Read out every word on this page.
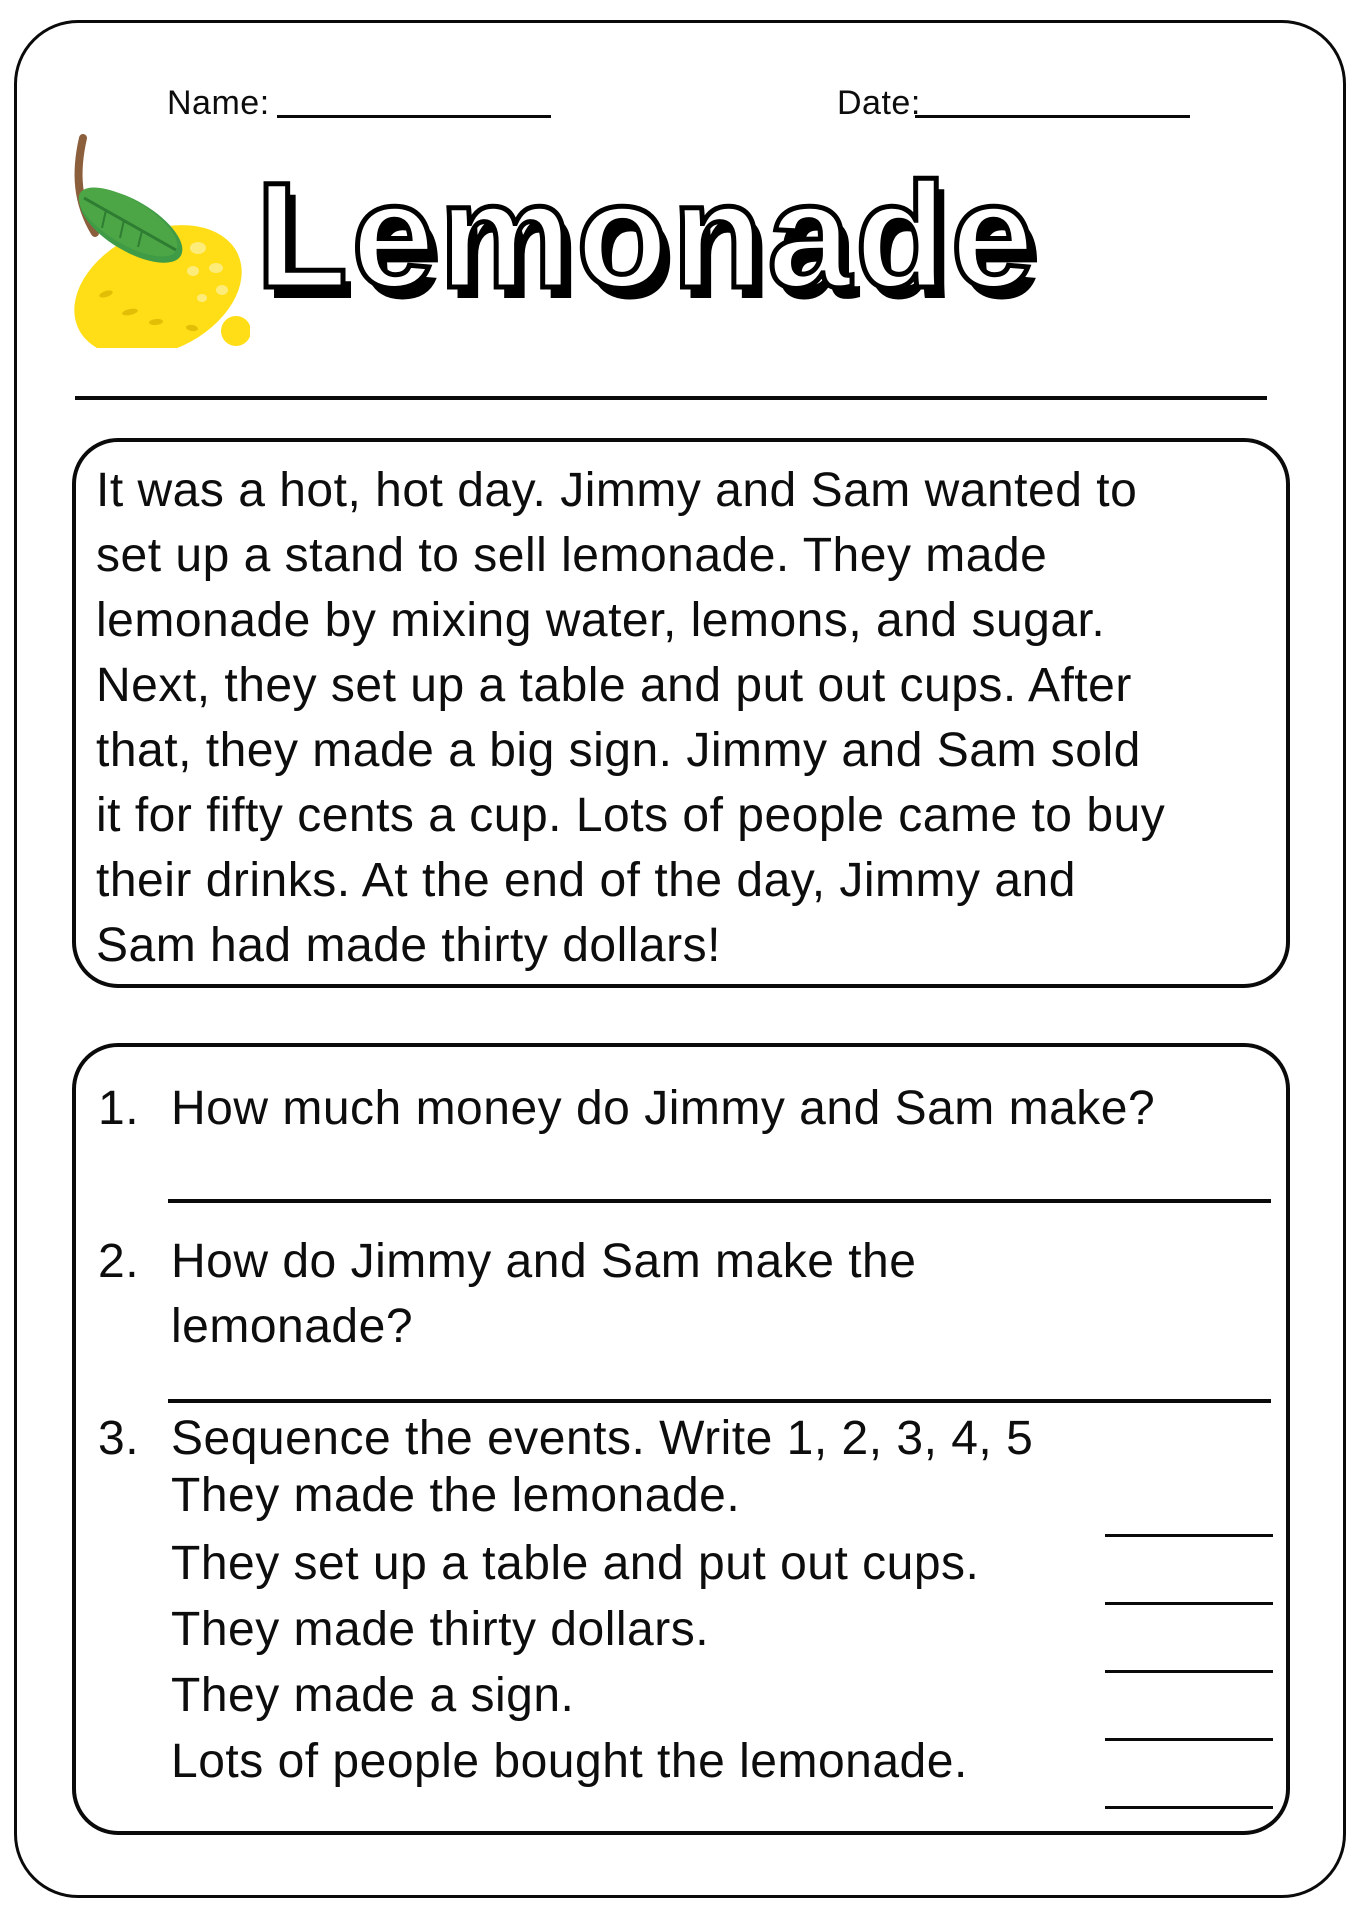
Name:	Date:
Lemonade
It was a hot, hot day. Jimmy and Sam wanted to
set up a stand to sell lemonade. They made
lemonade by mixing water, lemons, and sugar.
Next, they set up a table and put out cups. After
that, they made a big sign. Jimmy and Sam sold
it for fifty cents a cup. Lots of people came to buy
their drinks. At the end of the day, Jimmy and
Sam had made thirty dollars!
1. How much money do Jimmy and Sam make?
2. How do Jimmy and Sam make the
lemonade?
3. Sequence the events. Write 1, 2, 3, 4, 5
They made the lemonade.
They set up a table and put out cups.
They made thirty dollars.
They made a sign.
Lots of people bought the lemonade.
